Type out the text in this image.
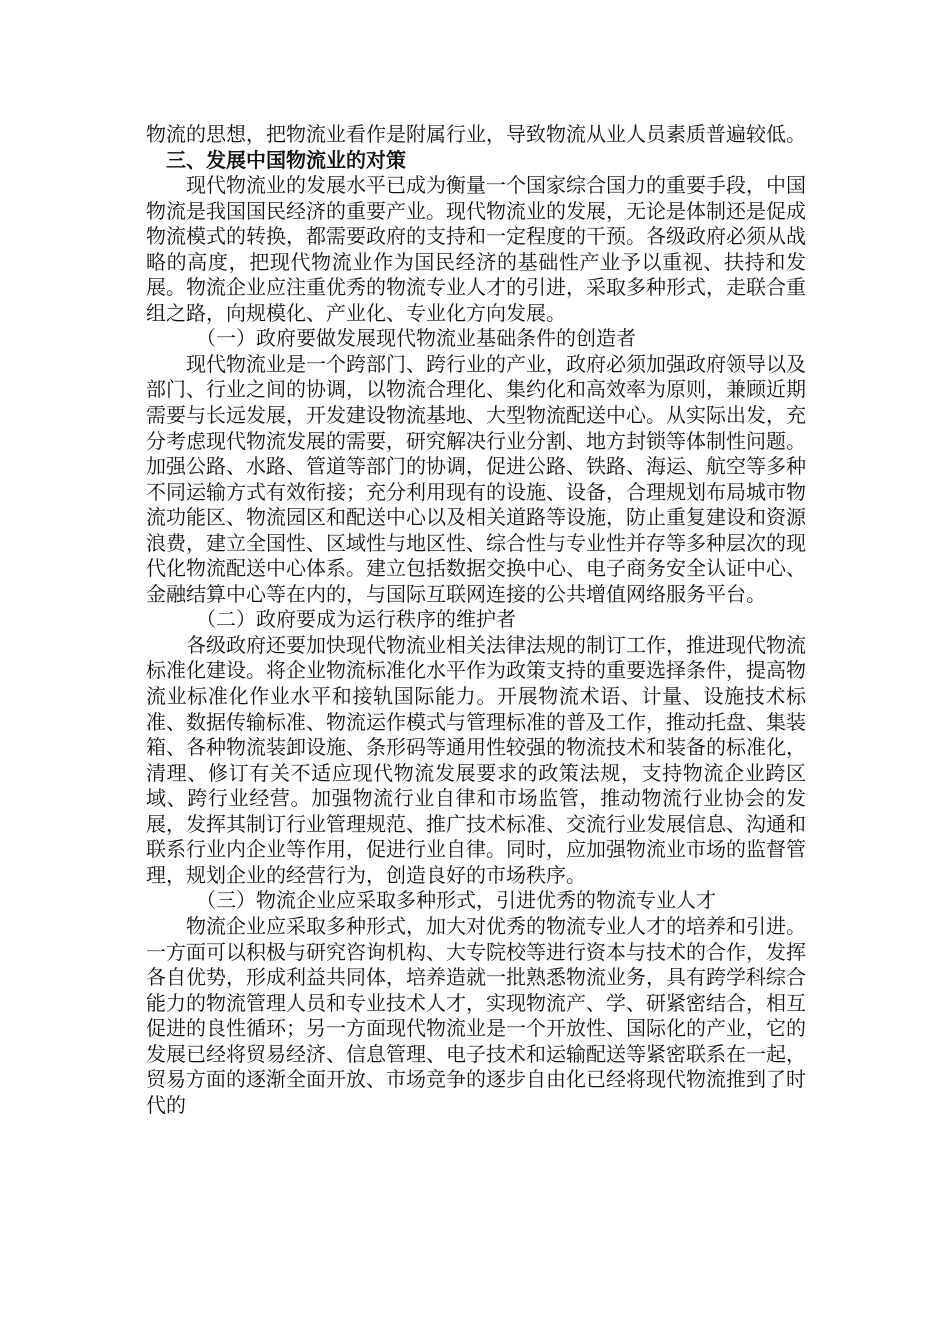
物流的思想，把物流业看作是附属行业，导致物流从业人员素质普遍较低。

三、发展中国物流业的对策

现代物流业的发展水平已成为衡量一个国家综合国力的重要手段，中国物流是我国国民经济的重要产业。现代物流业的发展，无论是体制还是促成物流模式的转换，都需要政府的支持和一定程度的干预。各级政府必须从战略的高度，把现代物流业作为国民经济的基础性产业予以重视、扶持和发展。物流企业应注重优秀的物流专业人才的引进，采取多种形式，走联合重组之路，向规模化、产业化、专业化方向发展。

（一）政府要做发展现代物流业基础条件的创造者

现代物流业是一个跨部门、跨行业的产业，政府必须加强政府领导以及部门、行业之间的协调，以物流合理化、集约化和高效率为原则，兼顾近期需要与长远发展，开发建设物流基地、大型物流配送中心。从实际出发，充分考虑现代物流发展的需要，研究解决行业分割、地方封锁等体制性问题。加强公路、水路、管道等部门的协调，促进公路、铁路、海运、航空等多种不同运输方式有效衔接；充分利用现有的设施、设备，合理规划布局城市物流功能区、物流园区和配送中心以及相关道路等设施，防止重复建设和资源浪费，建立全国性、区域性与地区性、综合性与专业性并存等多种层次的现代化物流配送中心体系。建立包括数据交换中心、电子商务安全认证中心、金融结算中心等在内的，与国际互联网连接的公共增值网络服务平台。

（二）政府要成为运行秩序的维护者

各级政府还要加快现代物流业相关法律法规的制订工作，推进现代物流标准化建设。将企业物流标准化水平作为政策支持的重要选择条件，提高物流业标准化作业水平和接轨国际能力。开展物流术语、计量、设施技术标准、数据传输标准、物流运作模式与管理标准的普及工作，推动托盘、集装箱、各种物流装卸设施、条形码等通用性较强的物流技术和装备的标准化，清理、修订有关不适应现代物流发展要求的政策法规，支持物流企业跨区域、跨行业经营。加强物流行业自律和市场监管，推动物流行业协会的发展，发挥其制订行业管理规范、推广技术标准、交流行业发展信息、沟通和联系行业内企业等作用，促进行业自律。同时，应加强物流业市场的监督管理，规划企业的经营行为，创造良好的市场秩序。

（三）物流企业应采取多种形式，引进优秀的物流专业人才

物流企业应采取多种形式，加大对优秀的物流专业人才的培养和引进。一方面可以积极与研究咨询机构、大专院校等进行资本与技术的合作，发挥各自优势，形成利益共同体，培养造就一批熟悉物流业务，具有跨学科综合能力的物流管理人员和专业技术人才，实现物流产、学、研紧密结合，相互促进的良性循环；另一方面现代物流业是一个开放性、国际化的产业，它的发展已经将贸易经济、信息管理、电子技术和运输配送等紧密联系在一起，贸易方面的逐渐全面开放、市场竞争的逐步自由化已经将现代物流推到了时代的
